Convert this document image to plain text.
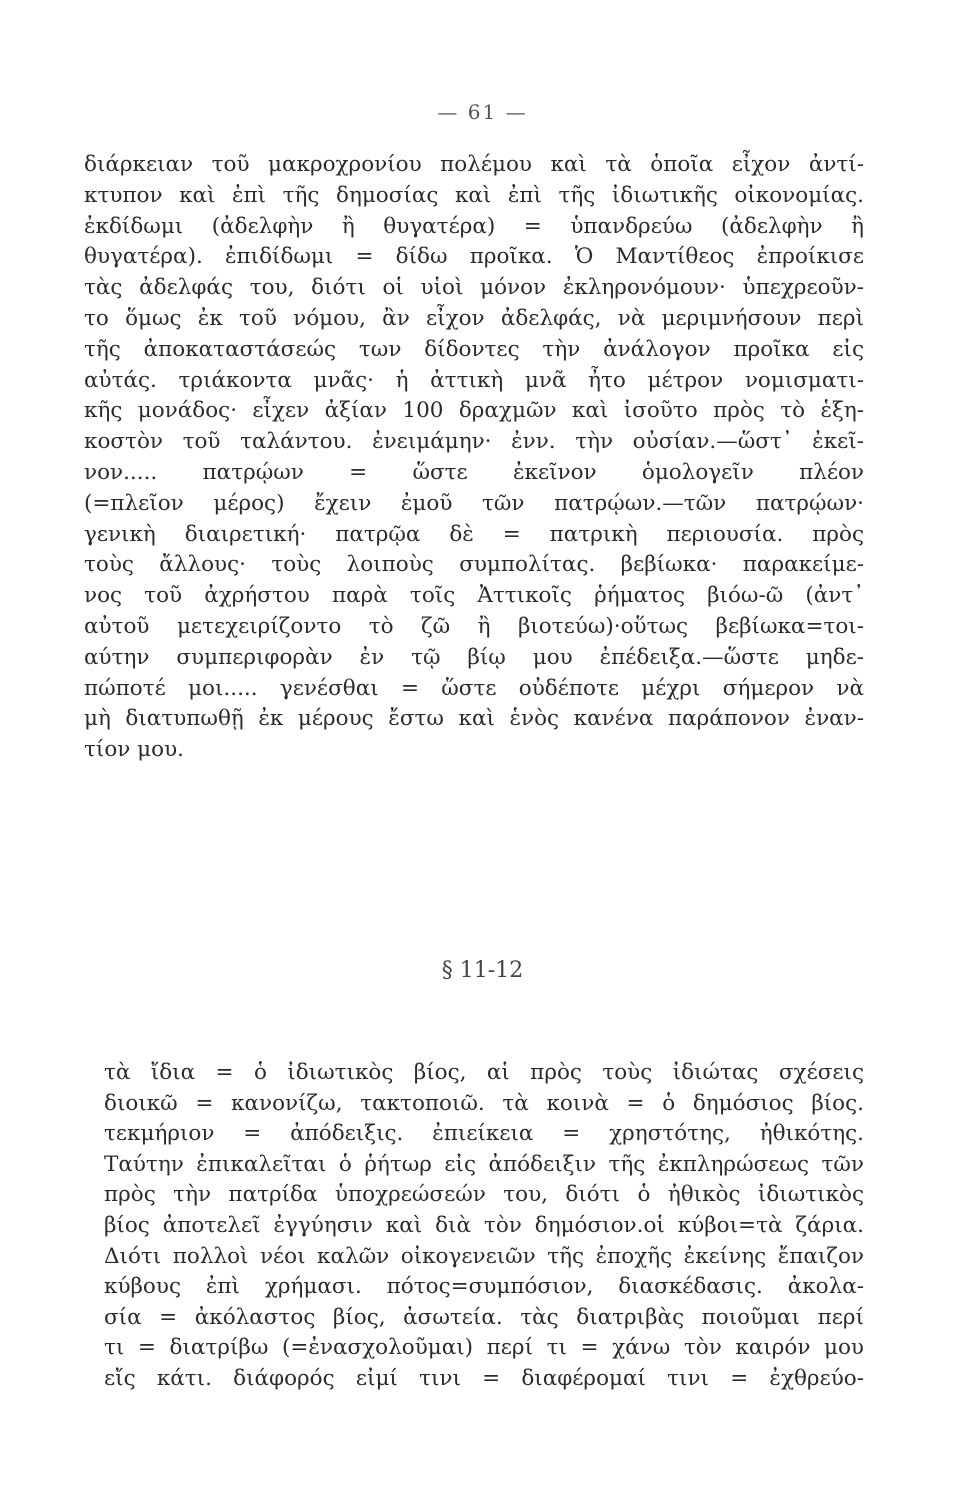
— 61 —
διάρκειαν τοῦ μακροχρονίου πολέμου καὶ τὰ ὁποῖα εἶχον ἀντί-
κτυπον καὶ ἐπὶ τῆς δημοσίας καὶ ἐπὶ τῆς ἰδιωτικῆς οἰκονομίας.
ἐκδίδωμι (ἀδελφὴν ἢ θυγατέρα) = ὑπανδρεύω (ἀδελφὴν ἢ
θυγατέρα). ἐπιδίδωμι = δίδω προῖκα. Ὁ Μαντίθεος ἐπροίκισε
τὰς ἀδελφάς του, διότι οἱ υἱοὶ μόνον ἐκληρονόμουν· ὑπεχρεοῦν-
το ὅμως ἐκ τοῦ νόμου, ἂν εἶχον ἀδελφάς, νὰ μεριμνήσουν περὶ
τῆς ἀποκαταστάσεώς των δίδοντες τὴν ἀνάλογον προῖκα εἰς
αὐτάς. τριάκοντα μνᾶς· ἡ ἀττικὴ μνᾶ ἦτο μέτρον νομισματι-
κῆς μονάδος· εἶχεν ἀξίαν 100 δραχμῶν καὶ ἰσοῦτο πρὸς τὸ ἑξη-
κοστὸν τοῦ ταλάντου. ἐνειμάμην· ἐνν. τὴν οὐσίαν.—ὥστ᾽ ἐκεῖ-
νον..... πατρῴων = ὥστε ἐκεῖνον ὁμολογεῖν πλέον
(=πλεῖον μέρος) ἔχειν ἐμοῦ τῶν πατρῴων.—τῶν πατρῴων·
γενικὴ διαιρετική· πατρῷα δὲ = πατρικὴ περιουσία. πρὸς
τοὺς ἄλλους· τοὺς λοιποὺς συμπολίτας. βεβίωκα· παρακείμε-
νος τοῦ ἀχρήστου παρὰ τοῖς Ἀττικοῖς ῥήματος βιόω-ῶ (ἀντ᾽
αὐτοῦ μετεχειρίζοντο τὸ ζῶ ἢ βιοτεύω)·οὕτως βεβίωκα=τοι-
αύτην συμπεριφορὰν ἐν τῷ βίῳ μου ἐπέδειξα.—ὥστε μηδε-
πώποτέ μοι..... γενέσθαι = ὥστε οὐδέποτε μέχρι σήμερον νὰ
μὴ διατυπωθῇ ἐκ μέρους ἔστω καὶ ἑνὸς κανένα παράπονον ἐναν-
τίον μου.
§ 11-12
τὰ ἴδια = ὁ ἰδιωτικὸς βίος, αἱ πρὸς τοὺς ἰδιώτας σχέσεις
διοικῶ = κανονίζω, τακτοποιῶ. τὰ κοινὰ = ὁ δημόσιος βίος.
τεκμήριον = ἀπόδειξις. ἐπιείκεια = χρηστότης, ἠθικότης.
Ταύτην ἐπικαλεῖται ὁ ῥήτωρ εἰς ἀπόδειξιν τῆς ἐκπληρώσεως τῶν
πρὸς τὴν πατρίδα ὑποχρεώσεών του, διότι ὁ ἠθικὸς ἰδιωτικὸς
βίος ἀποτελεῖ ἐγγύησιν καὶ διὰ τὸν δημόσιον.οἱ κύβοι=τὰ ζάρια.
Διότι πολλοὶ νέοι καλῶν οἰκογενειῶν τῆς ἐποχῆς ἐκείνης ἔπαιζον
κύβους ἐπὶ χρήμασι. πότος=συμπόσιον, διασκέδασις. ἀκολα-
σία = ἀκόλαστος βίος, ἀσωτεία. τὰς διατριβὰς ποιοῦμαι περί
τι = διατρίβω (=ἐνασχολοῦμαι) περί τι = χάνω τὸν καιρόν μου
εἴς κάτι. διάφορός εἰμί τινι = διαφέρομαί τινι = ἐχθρεύο-
